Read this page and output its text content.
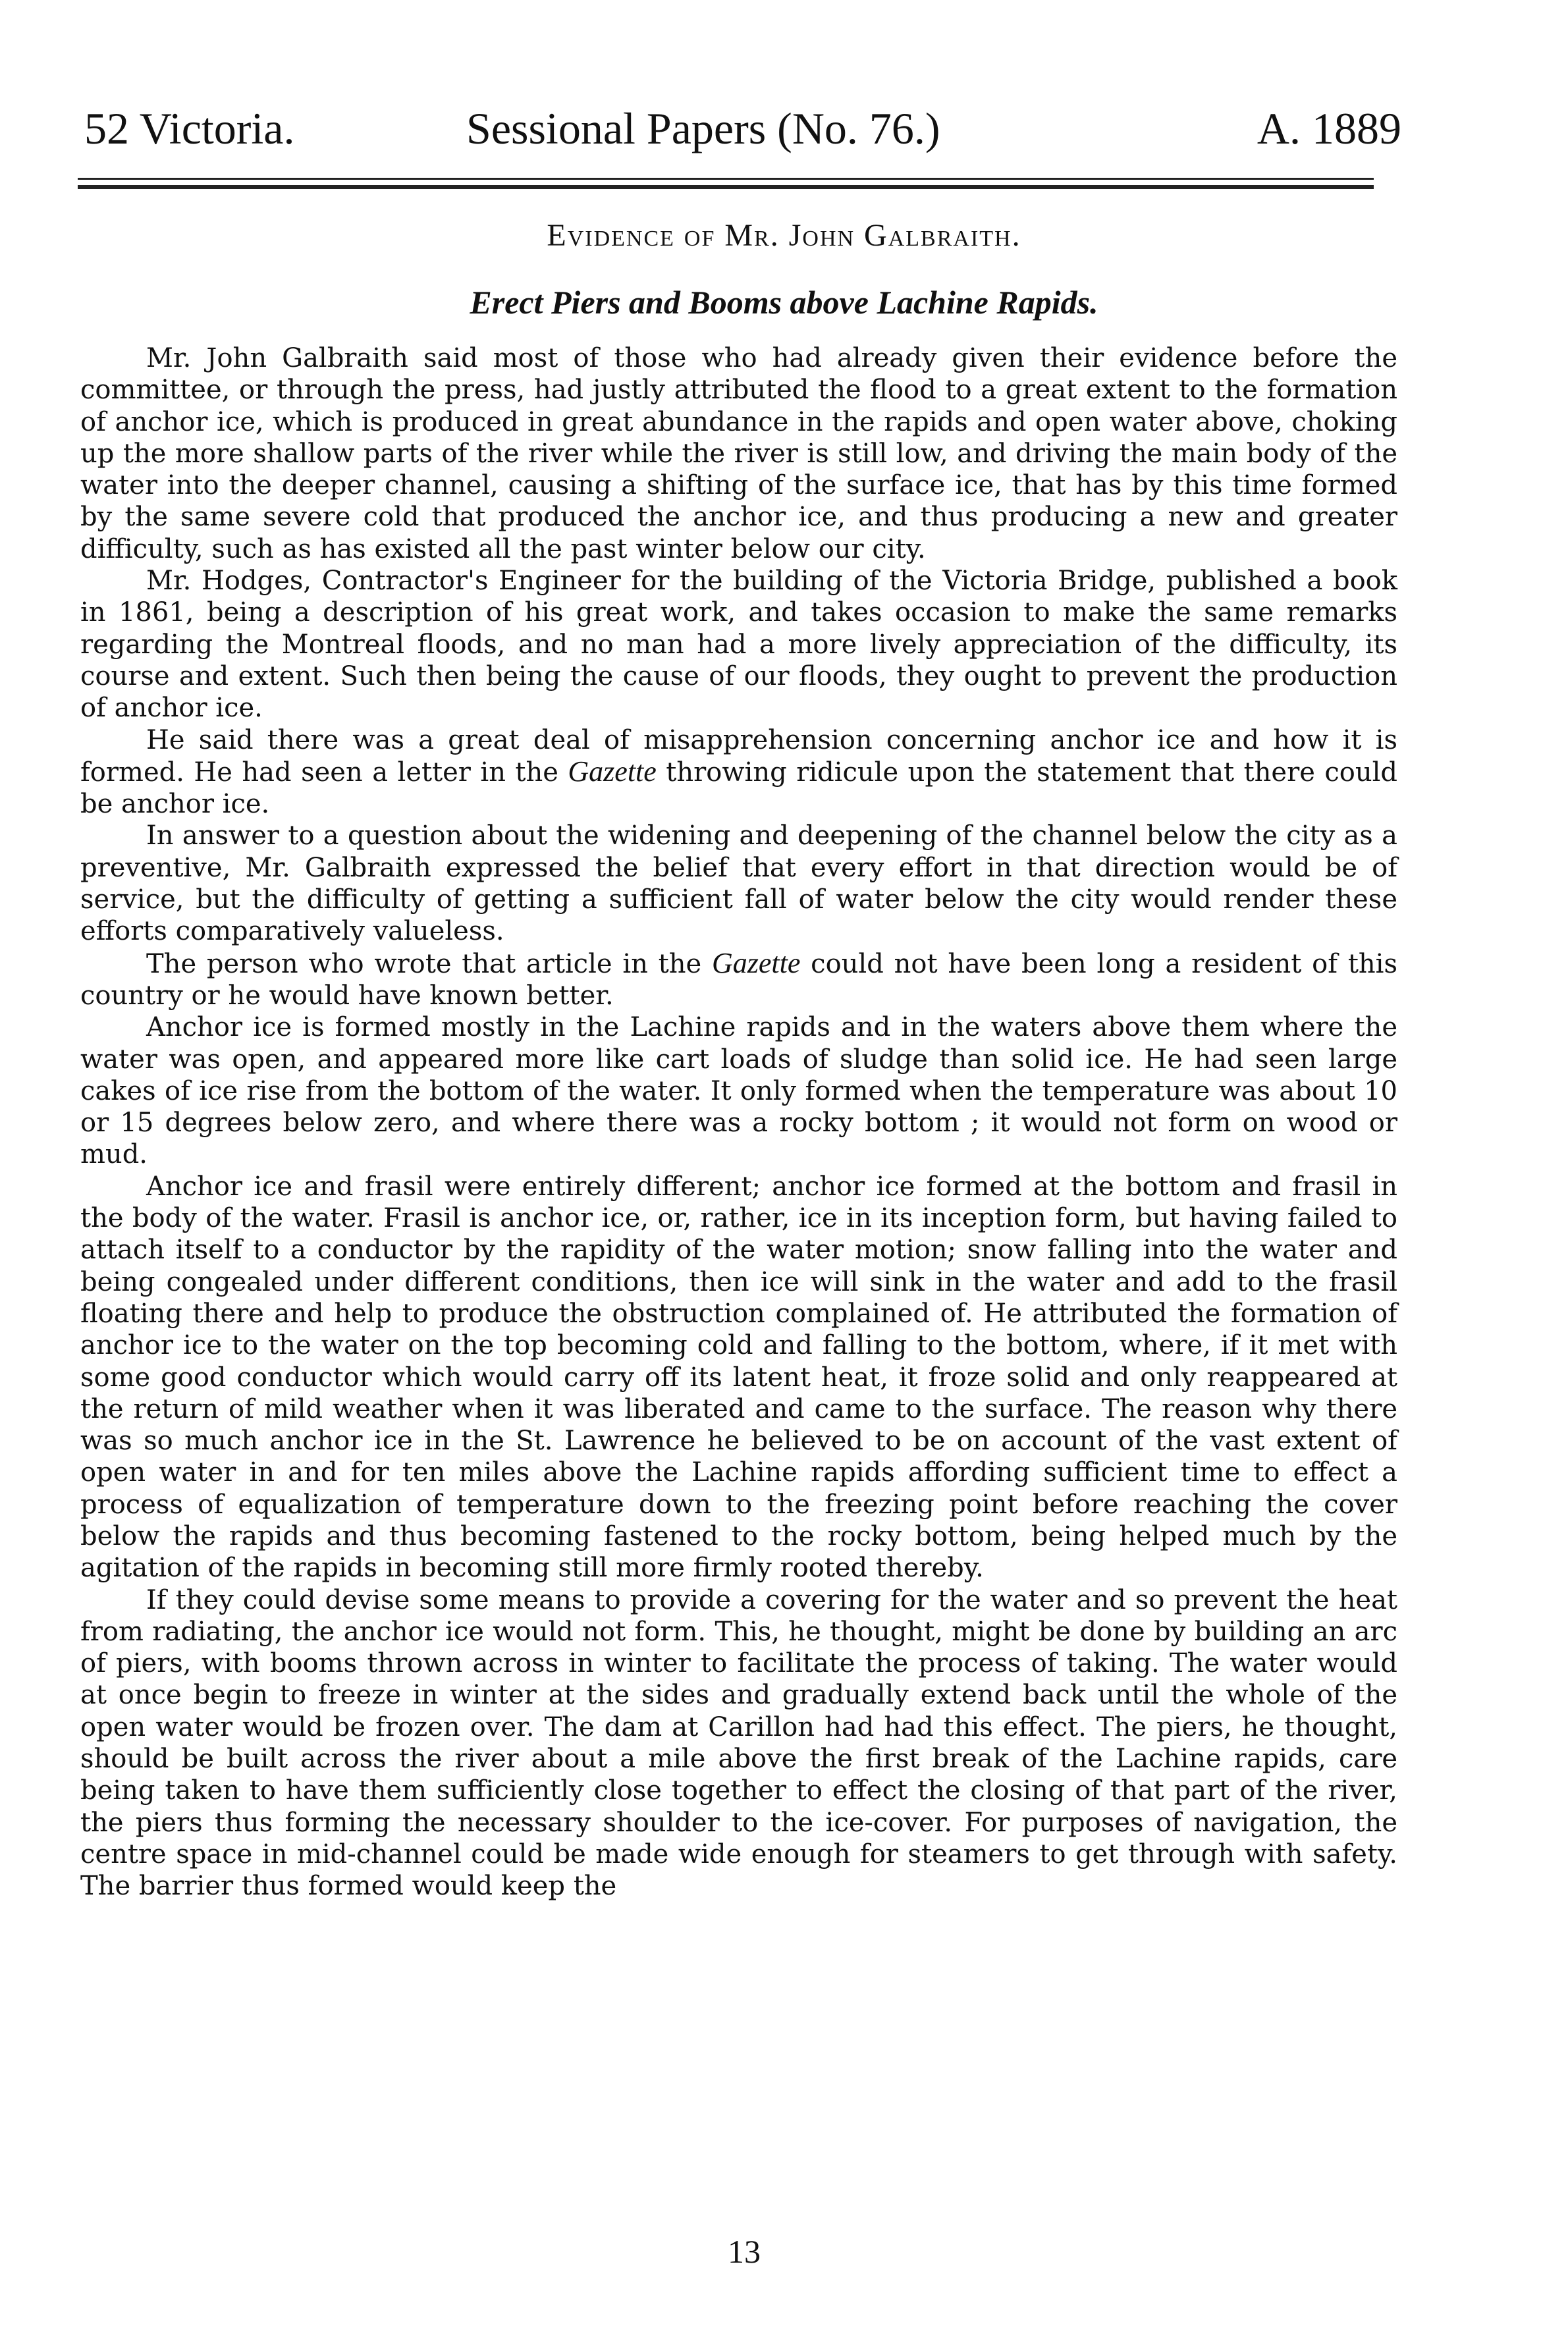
52 Victoria.	Sessional Papers (No. 76.)	A. 1889
Evidence of Mr. John Galbraith.
Erect Piers and Booms above Lachine Rapids.

Mr. John Galbraith said most of those who had already given their evidence before the committee, or through the press, had justly attributed the flood to a great extent to the formation of anchor ice, which is produced in great abundance in the rapids and open water above, choking up the more shallow parts of the river while the river is still low, and driving the main body of the water into the deeper channel, causing a shifting of the surface ice, that has by this time formed by the same severe cold that produced the anchor ice, and thus producing a new and greater difficulty, such as has existed all the past winter below our city.

Mr. Hodges, Contractor's Engineer for the building of the Victoria Bridge, published a book in 1861, being a description of his great work, and takes occasion to make the same remarks regarding the Montreal floods, and no man had a more lively appreciation of the difficulty, its course and extent. Such then being the cause of our floods, they ought to prevent the production of anchor ice.

He said there was a great deal of misapprehension concerning anchor ice and how it is formed. He had seen a letter in the Gazette throwing ridicule upon the statement that there could be anchor ice.

In answer to a question about the widening and deepening of the channel below the city as a preventive, Mr. Galbraith expressed the belief that every effort in that direction would be of service, but the difficulty of getting a sufficient fall of water below the city would render these efforts comparatively valueless.

The person who wrote that article in the Gazette could not have been long a resident of this country or he would have known better.

Anchor ice is formed mostly in the Lachine rapids and in the waters above them where the water was open, and appeared more like cart loads of sludge than solid ice. He had seen large cakes of ice rise from the bottom of the water. It only formed when the temperature was about 10 or 15 degrees below zero, and where there was a rocky bottom ; it would not form on wood or mud.

Anchor ice and frasil were entirely different; anchor ice formed at the bottom and frasil in the body of the water. Frasil is anchor ice, or, rather, ice in its inception form, but having failed to attach itself to a conductor by the rapidity of the water motion; snow falling into the water and being congealed under different conditions, then ice will sink in the water and add to the frasil floating there and help to produce the obstruction complained of. He attributed the formation of anchor ice to the water on the top becoming cold and falling to the bottom, where, if it met with some good conductor which would carry off its latent heat, it froze solid and only reappeared at the return of mild weather when it was liberated and came to the surface. The reason why there was so much anchor ice in the St. Lawrence he believed to be on account of the vast extent of open water in and for ten miles above the Lachine rapids affording sufficient time to effect a process of equalization of temperature down to the freezing point before reaching the cover below the rapids and thus becoming fastened to the rocky bottom, being helped much by the agitation of the rapids in becoming still more firmly rooted thereby.

If they could devise some means to provide a covering for the water and so prevent the heat from radiating, the anchor ice would not form. This, he thought, might be done by building an arc of piers, with booms thrown across in winter to facilitate the process of taking. The water would at once begin to freeze in winter at the sides and gradually extend back until the whole of the open water would be frozen over. The dam at Carillon had had this effect. The piers, he thought, should be built across the river about a mile above the first break of the Lachine rapids, care being taken to have them sufficiently close together to effect the closing of that part of the river, the piers thus forming the necessary shoulder to the ice-cover. For purposes of navigation, the centre space in mid-channel could be made wide enough for steamers to get through with safety. The barrier thus formed would keep the

13
